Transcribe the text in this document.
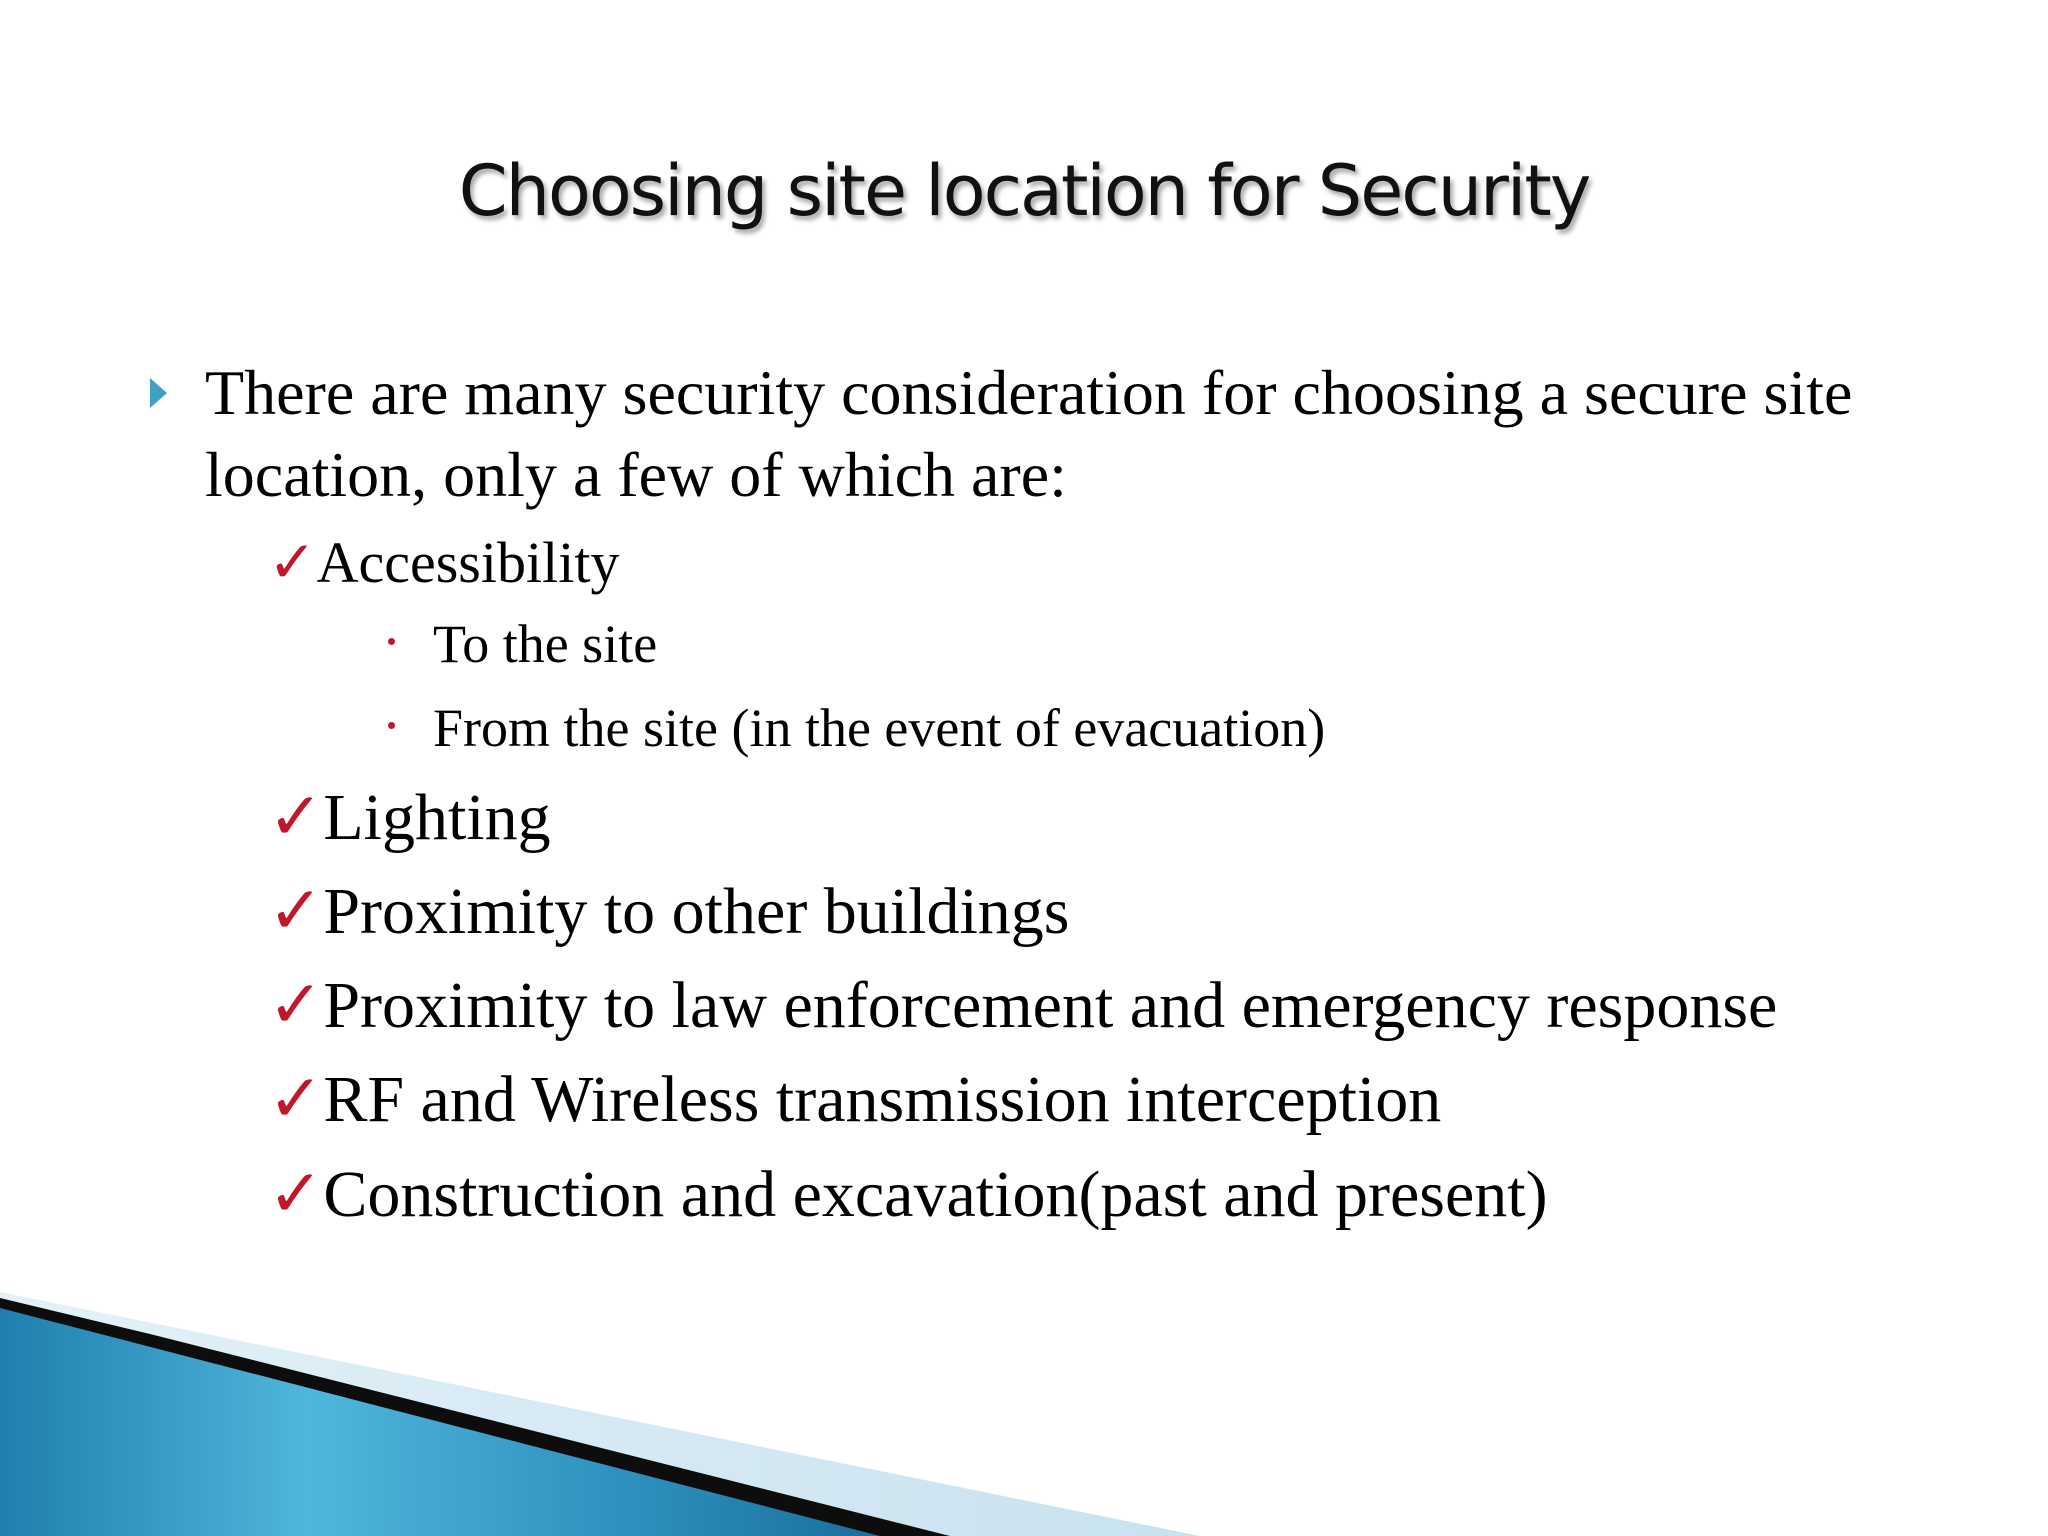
Choosing site location for Security
There are many security consideration for choosing a secure site location, only a few of which are:
✓Accessibility
To the site
From the site (in the event of evacuation)
✓Lighting
✓Proximity to other buildings
✓Proximity to law enforcement and emergency response
✓RF and Wireless transmission interception
✓Construction and excavation(past and present)
